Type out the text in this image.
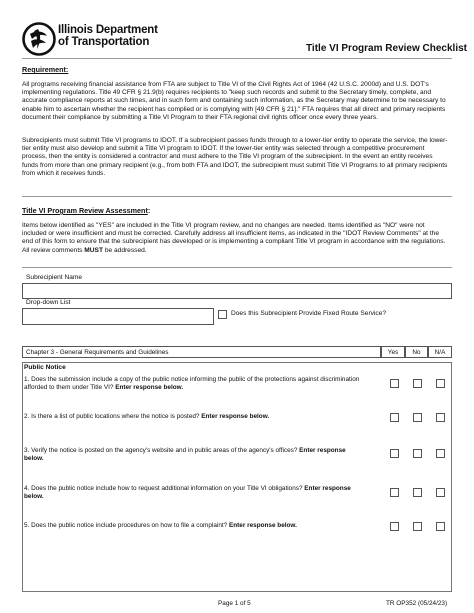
Illinois Department
of Transportation
Title VI Program Review Checklist
Requirement:
All programs receiving financial assistance from FTA are subject to Title VI of the Civil Rights Act of 1964 (42 U.S.C. 2000d) and U.S. DOT's implementing regulations. Title 49 CFR § 21.9(b) requires recipients to "keep such records and submit to the Secretary timely, complete, and accurate compliance reports at such times, and in such form and containing such information, as the Secretary may determine to be necessary to enable him to ascertain whether the recipient has complied or is complying with [49 CFR § 21]." FTA requires that all direct and primary recipients document their compliance by submitting a Title VI Program to their FTA regional civil rights officer once every three years.
Subrecipients must submit Title VI programs to IDOT. If a subrecipient passes funds through to a lower-tier entity to operate the service, the lower-tier entity must also develop and submit a Title VI program to IDOT. If the lower-tier entity was selected through a competitive procurement process, then the entity is considered a contractor and must adhere to the Title VI program of the subrecipient. In the event an entity receives funds from more than one primary recipient (e.g., from both FTA and IDOT, the subrecipient must submit Title VI Programs to all primary recipients from which it receives funds.
Title VI Program Review Assessment:
Items below identified as "YES" are included in the Title VI program review, and no changes are needed. Items identified as "NO" were not included or were insufficient and must be corrected. Carefully address all insufficient items, as indicated in the "IDOT Review Comments" at the end of this form to ensure that the subrecipient has developed or is implementing a compliant Title VI program in accordance with the regulations. All review comments MUST be addressed.
Subrecipient Name
Drop-down List
Does this Subrecipient Provide Fixed Route Service?
Chapter 3 - General Requirements and Guidelines	Yes	No	N/A
Public Notice
1. Does the submission include a copy of the public notice informing the public of the protections against discrimination afforded to them under Title VI? Enter response below.
2. Is there a list of public locations where the notice is posted? Enter response below.
3. Verify the notice is posted on the agency's website and in public areas of the agency's offices? Enter response below.
4. Does the public notice include how to request additional information on your Title VI obligations? Enter response below.
5. Does the public notice include procedures on how to file a complaint? Enter response below.
Page 1 of 5	TR OP352 (05/24/23)
